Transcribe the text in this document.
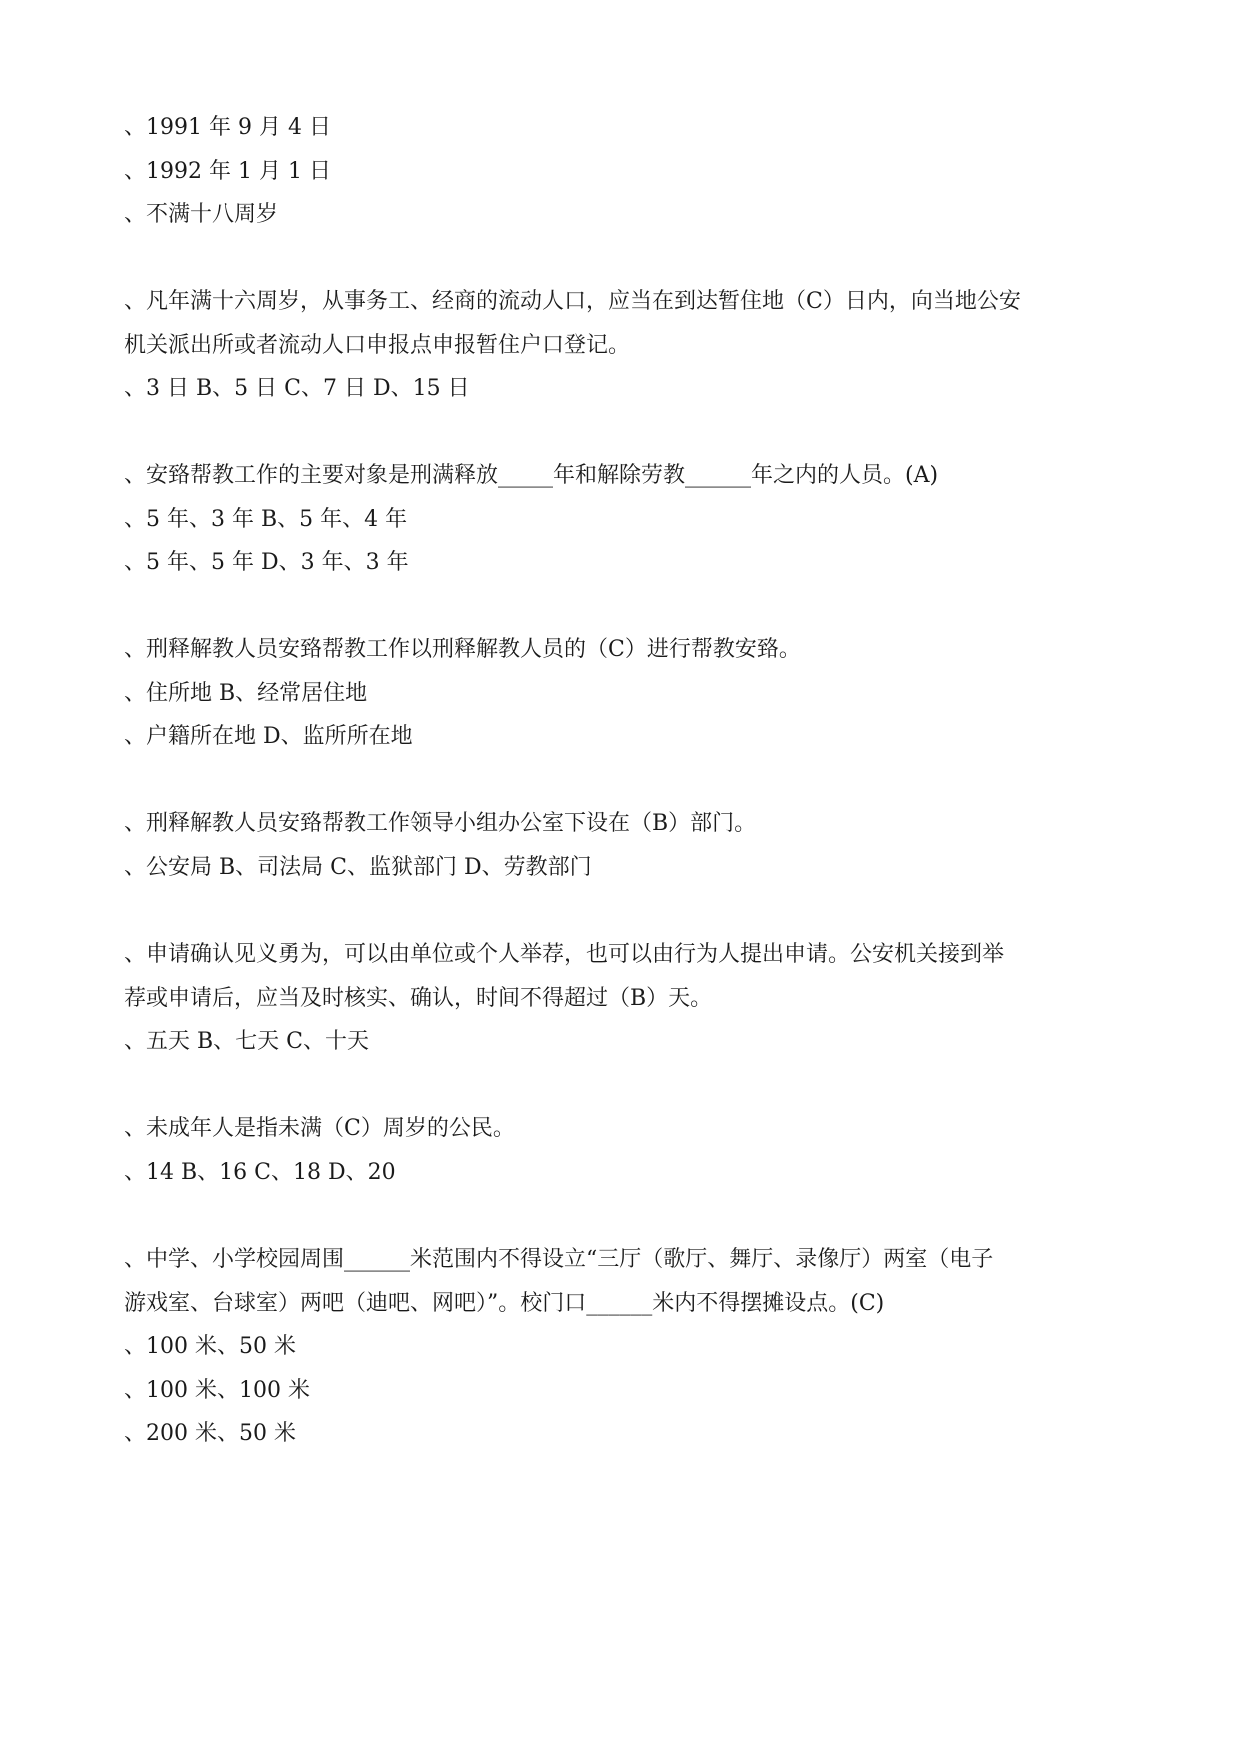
、1991 年 9 月 4 日
、1992 年 1 月 1 日
、不满十八周岁
、凡年满十六周岁，从事务工、经商的流动人口，应当在到达暂住地（C）日内，向当地公安
机关派出所或者流动人口申报点申报暂住户口登记。
、3 日 B、5 日 C、7 日 D、15 日
、安臵帮教工作的主要对象是刑满释放_____年和解除劳教______年之内的人员。(A)
、5 年、3 年 B、5 年、4 年
、5 年、5 年 D、3 年、3 年
、刑释解教人员安臵帮教工作以刑释解教人员的（C）进行帮教安臵。
、住所地 B、经常居住地
、户籍所在地 D、监所所在地
、刑释解教人员安臵帮教工作领导小组办公室下设在（B）部门。
、公安局 B、司法局 C、监狱部门 D、劳教部门
、申请确认见义勇为，可以由单位或个人举荐，也可以由行为人提出申请。公安机关接到举
荐或申请后，应当及时核实、确认，时间不得超过（B）天。
、五天 B、七天 C、十天
、未成年人是指未满（C）周岁的公民。
、14 B、16 C、18 D、20
、中学、小学校园周围______米范围内不得设立“三厅（歌厅、舞厅、录像厅）两室（电子
游戏室、台球室）两吧（迪吧、网吧）”。校门口______米内不得摆摊设点。(C)
、100 米、50 米
、100 米、100 米
、200 米、50 米
